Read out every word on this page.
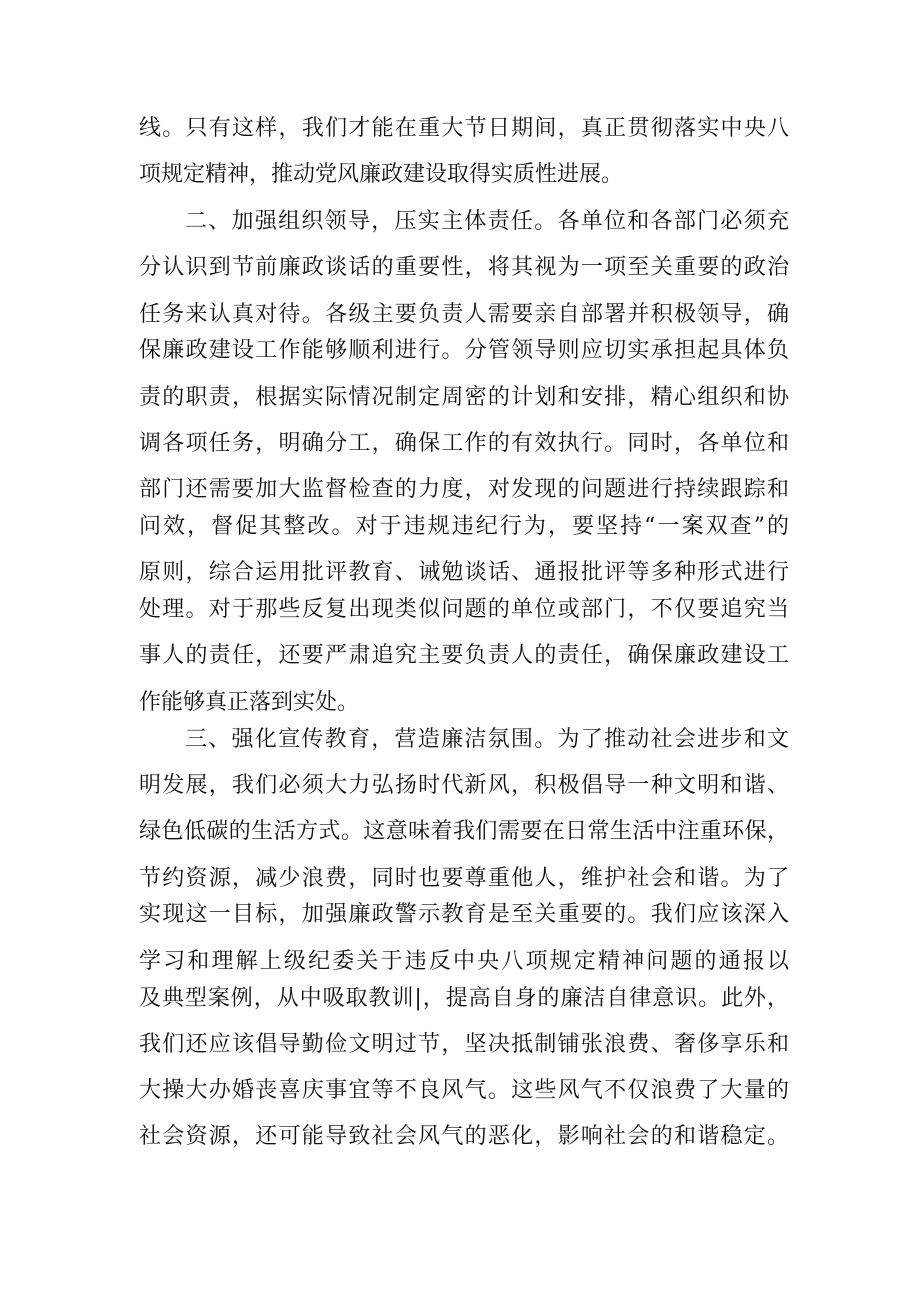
线。只有这样，我们才能在重大节日期间，真正贯彻落实中央八
项规定精神，推动党风廉政建设取得实质性进展。
二、加强组织领导，压实主体责任。各单位和各部门必须充
分认识到节前廉政谈话的重要性，将其视为一项至关重要的政治
任务来认真对待。各级主要负责人需要亲自部署并积极领导，确
保廉政建设工作能够顺利进行。分管领导则应切实承担起具体负
责的职责，根据实际情况制定周密的计划和安排，精心组织和协
调各项任务，明确分工，确保工作的有效执行。同时，各单位和
部门还需要加大监督检查的力度，对发现的问题进行持续跟踪和
问效，督促其整改。对于违规违纪行为，要坚持“一案双查”的
原则，综合运用批评教育、诫勉谈话、通报批评等多种形式进行
处理。对于那些反复出现类似问题的单位或部门，不仅要追究当
事人的责任，还要严肃追究主要负责人的责任，确保廉政建设工
作能够真正落到实处。
三、强化宣传教育，营造廉洁氛围。为了推动社会进步和文
明发展，我们必须大力弘扬时代新风，积极倡导一种文明和谐、
绿色低碳的生活方式。这意味着我们需要在日常生活中注重环保，
节约资源，减少浪费，同时也要尊重他人，维护社会和谐。为了
实现这一目标，加强廉政警示教育是至关重要的。我们应该深入
学习和理解上级纪委关于违反中央八项规定精神问题的通报以
及典型案例，从中吸取教训|，提高自身的廉洁自律意识。此外，
我们还应该倡导勤俭文明过节，坚决抵制铺张浪费、奢侈享乐和
大操大办婚丧喜庆事宜等不良风气。这些风气不仅浪费了大量的
社会资源，还可能导致社会风气的恶化，影响社会的和谐稳定。
